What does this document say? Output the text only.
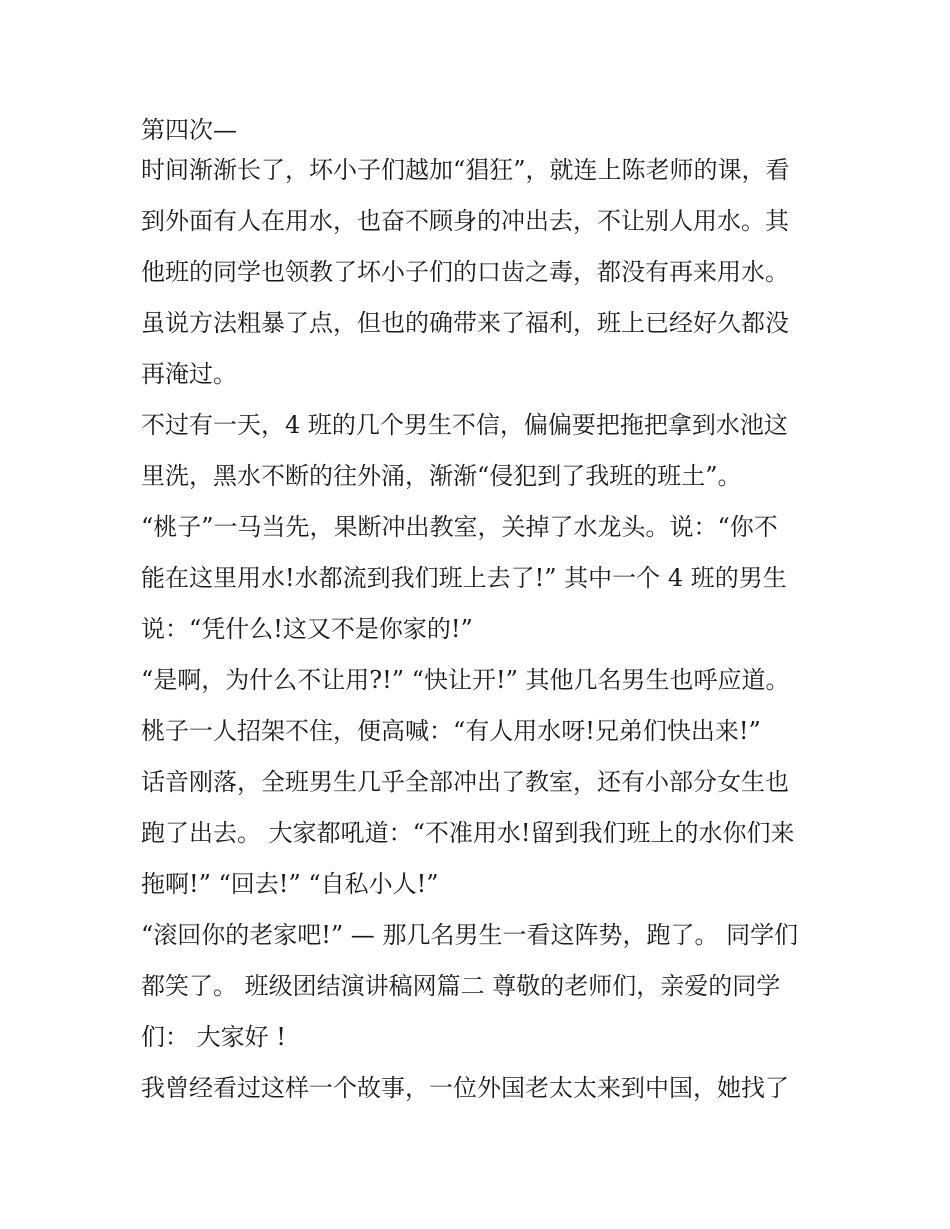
第四次—
时间渐渐长了，坏小子们越加“猖狂”，就连上陈老师的课，看
到外面有人在用水，也奋不顾身的冲出去，不让别人用水。其
他班的同学也领教了坏小子们的口齿之毒，都没有再来用水。
虽说方法粗暴了点，但也的确带来了福利，班上已经好久都没
再淹过。
不过有一天，4 班的几个男生不信，偏偏要把拖把拿到水池这
里洗，黑水不断的往外涌，渐渐“侵犯到了我班的班土”。
“桃子”一马当先，果断冲出教室，关掉了水龙头。说：“你不
能在这里用水!水都流到我们班上去了!” 其中一个 4 班的男生
说：“凭什么!这又不是你家的!”
“是啊，为什么不让用?!” “快让开!” 其他几名男生也呼应道。
桃子一人招架不住，便高喊：“有人用水呀!兄弟们快出来!”
话音刚落，全班男生几乎全部冲出了教室，还有小部分女生也
跑了出去。 大家都吼道：“不准用水!留到我们班上的水你们来
拖啊!” “回去!” “自私小人!”
“滚回你的老家吧!” — 那几名男生一看这阵势，跑了。 同学们
都笑了。 班级团结演讲稿网篇二 尊敬的老师们，亲爱的同学
们： 大家好 !
我曾经看过这样一个故事，一位外国老太太来到中国，她找了
